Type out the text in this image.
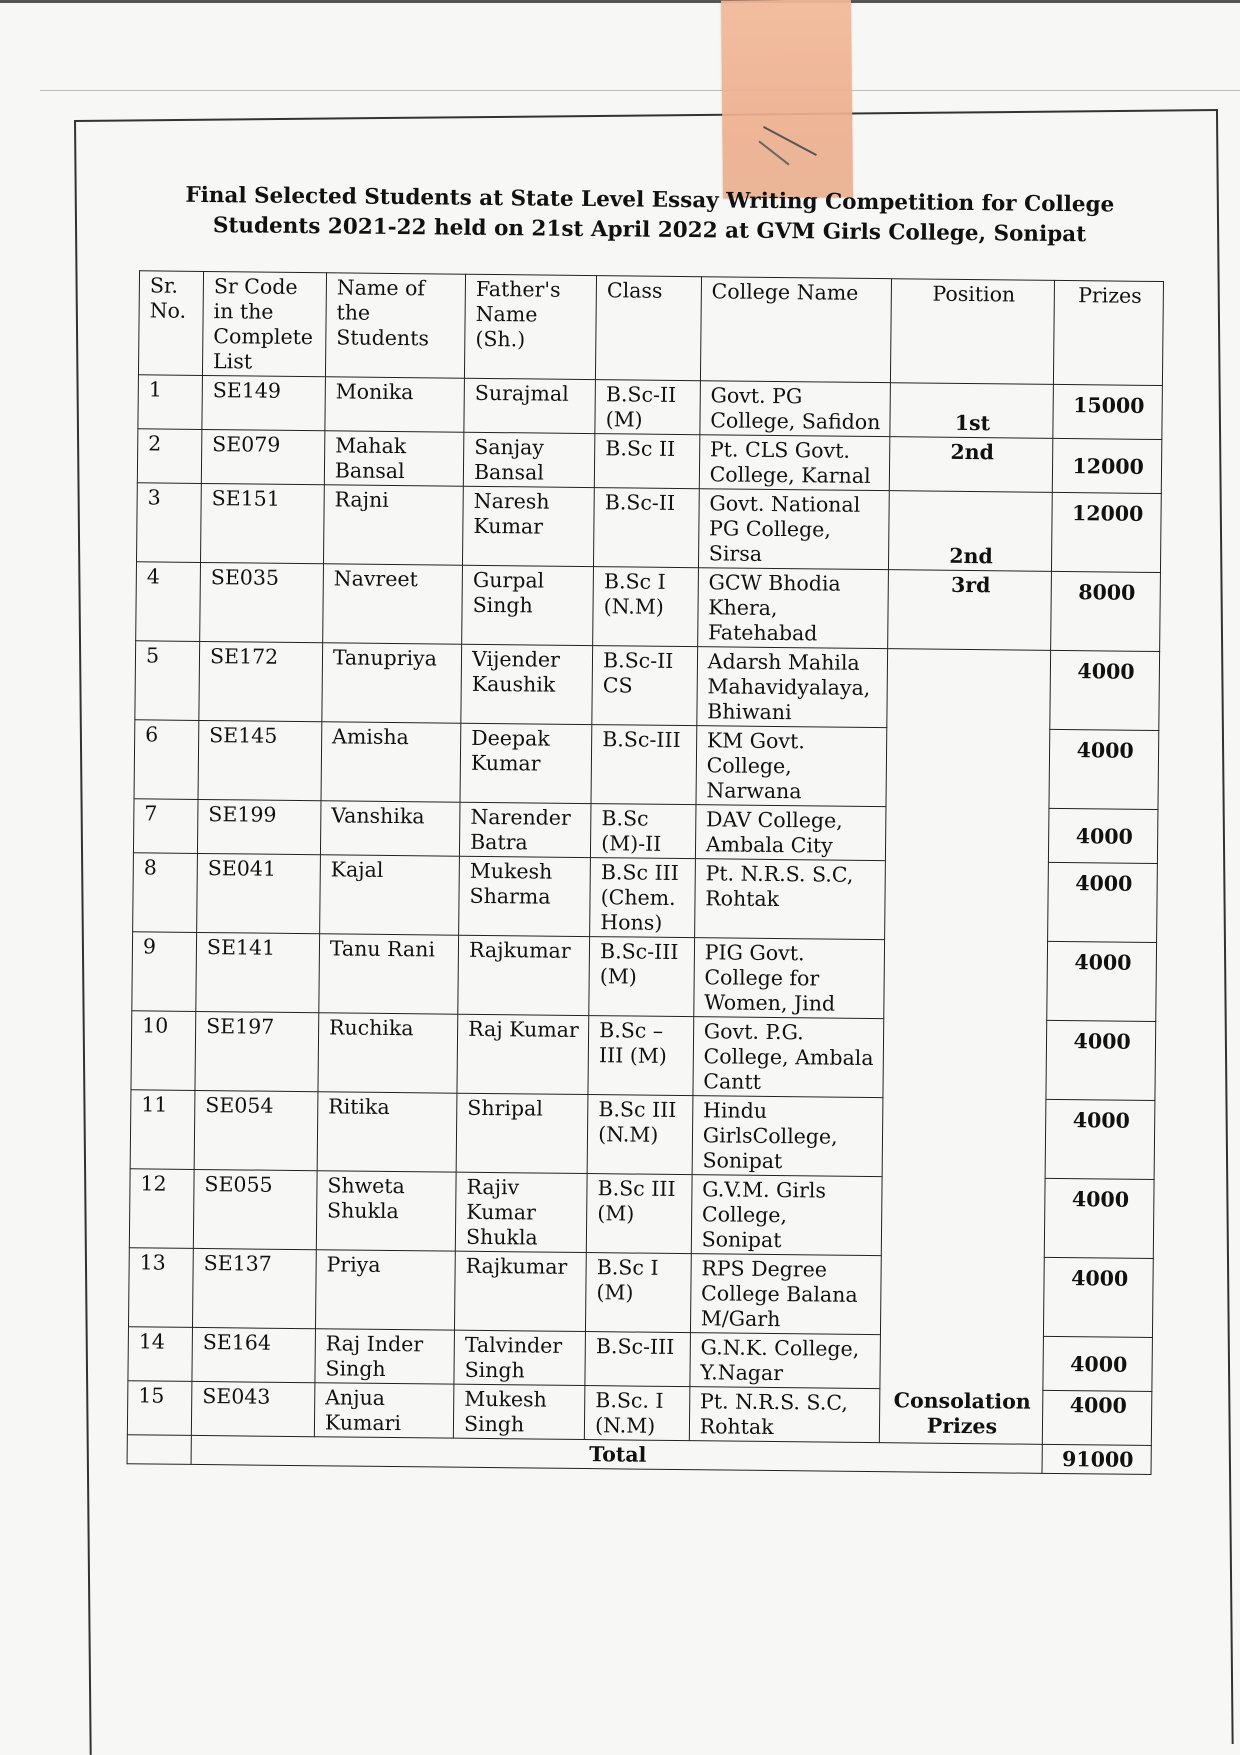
Final Selected Students at State Level Essay Writing Competition for College
Students 2021-22 held on 21st April 2022 at GVM Girls College, Sonipat
Sr. No.	Sr Code in the Complete List	Name of the Students	Father's Name (Sh.)	Class	College Name	Position	Prizes
1	SE149	Monika	Surajmal	B.Sc-II (M)	Govt. PG College, Safidon	1st	15000
2	SE079	Mahak Bansal	Sanjay Bansal	B.Sc II	Pt. CLS Govt. College, Karnal	2nd	12000
3	SE151	Rajni	Naresh Kumar	B.Sc-II	Govt. National PG College, Sirsa	2nd	12000
4	SE035	Navreet	Gurpal Singh	B.Sc I (N.M)	GCW Bhodia Khera, Fatehabad	3rd	8000
5	SE172	Tanupriya	Vijender Kaushik	B.Sc-II CS	Adarsh Mahila Mahavidyalaya, Bhiwani	Consolation Prizes	4000
6	SE145	Amisha	Deepak Kumar	B.Sc-III	KM Govt. College, Narwana		4000
7	SE199	Vanshika	Narender Batra	B.Sc (M)-II	DAV College, Ambala City		4000
8	SE041	Kajal	Mukesh Sharma	B.Sc III (Chem. Hons)	Pt. N.R.S. S.C, Rohtak		4000
9	SE141	Tanu Rani	Rajkumar	B.Sc-III (M)	PIG Govt. College for Women, Jind		4000
10	SE197	Ruchika	Raj Kumar	B.Sc – III (M)	Govt. P.G. College, Ambala Cantt		4000
11	SE054	Ritika	Shripal	B.Sc III (N.M)	Hindu GirlsCollege, Sonipat		4000
12	SE055	Shweta Shukla	Rajiv Kumar Shukla	B.Sc III (M)	G.V.M. Girls College, Sonipat		4000
13	SE137	Priya	Rajkumar	B.Sc I (M)	RPS Degree College Balana M/Garh		4000
14	SE164	Raj Inder Singh	Talvinder Singh	B.Sc-III	G.N.K. College, Y.Nagar		4000
15	SE043	Anjua Kumari	Mukesh Singh	B.Sc. I (N.M)	Pt. N.R.S. S.C, Rohtak		4000
	Total						91000
